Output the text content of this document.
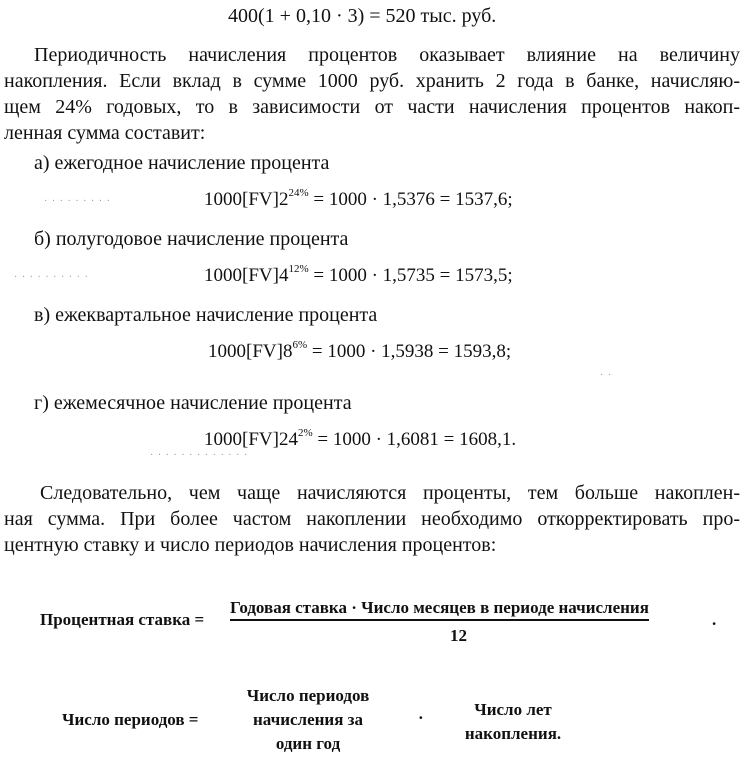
400(1 + 0,10 · 3) = 520 тыс. руб.
Периодичность начисления процентов оказывает влияние на величину
накопления. Если вклад в сумме 1000 руб. хранить 2 года в банке, начисляю-
щем 24% годовых, то в зависимости от части начисления процентов накоп-
ленная сумма составит:
а) ежегодное начисление процента
$1000[FV]2^{24\%} = 1000 \cdot 1,5376 = 1537,6$;
б) полугодовое начисление процента
$1000[FV]4^{12\%} = 1000 \cdot 1,5735 = 1573,5$;
в) ежеквартальное начисление процента
$1000[FV]8^{6\%} = 1000 \cdot 1,5938 = 1593,8$;
г) ежемесячное начисление процента
$1000[FV]24^{2\%} = 1000 \cdot 1,6081 = 1608,1$.
Следовательно, чем чаще начисляются проценты, тем больше накоплен-
ная сумма. При более частом накоплении необходимо откорректировать про-
центную ставку и число периодов начисления процентов:
Процентная ставка =
Годовая ставка · Число месяцев в периоде начисления
12
.
Число периодов =
Число периодов
начисления за
один год
·	Число лет
накопления.
· · · · · · · · ·
· · · · · · · · · ·
· · · · · · · · · · · · ·
· ·
